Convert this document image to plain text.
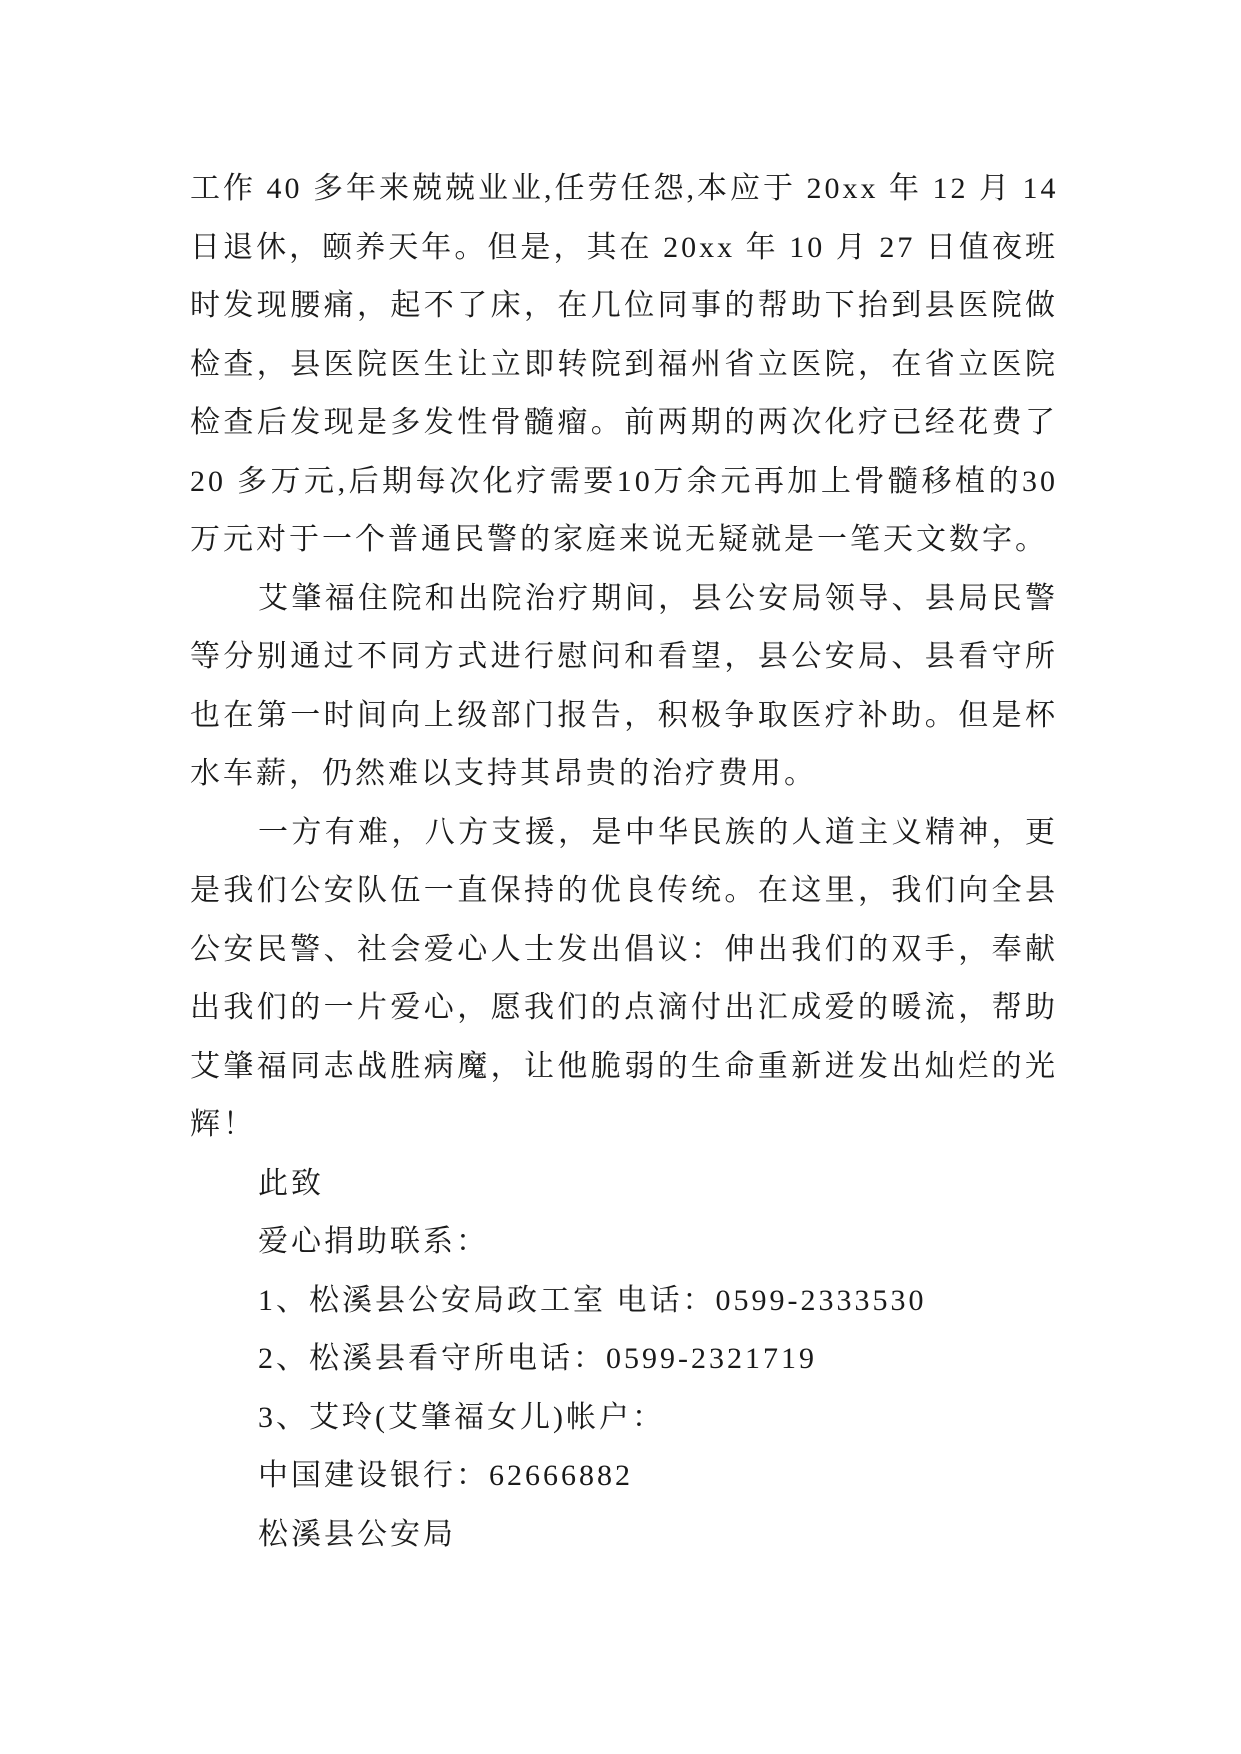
工作 40 多年来兢兢业业,任劳任怨,本应于 20xx 年 12 月 14
日退休，颐养天年。但是，其在 20xx 年 10 月 27 日值夜班
时发现腰痛，起不了床，在几位同事的帮助下抬到县医院做
检查，县医院医生让立即转院到福州省立医院，在省立医院
检查后发现是多发性骨髓瘤。前两期的两次化疗已经花费了
20 多万元,后期每次化疗需要10万余元再加上骨髓移植的30
万元对于一个普通民警的家庭来说无疑就是一笔天文数字。
艾肇福住院和出院治疗期间，县公安局领导、县局民警
等分别通过不同方式进行慰问和看望，县公安局、县看守所
也在第一时间向上级部门报告，积极争取医疗补助。但是杯
水车薪，仍然难以支持其昂贵的治疗费用。
一方有难，八方支援，是中华民族的人道主义精神，更
是我们公安队伍一直保持的优良传统。在这里，我们向全县
公安民警、社会爱心人士发出倡议：伸出我们的双手，奉献
出我们的一片爱心，愿我们的点滴付出汇成爱的暖流，帮助
艾肇福同志战胜病魔，让他脆弱的生命重新迸发出灿烂的光
辉！
此致
爱心捐助联系：
1、松溪县公安局政工室 电话：0599-2333530
2、松溪县看守所电话：0599-2321719
3、艾玲(艾肇福女儿)帐户：
中国建设银行：62666882
松溪县公安局
